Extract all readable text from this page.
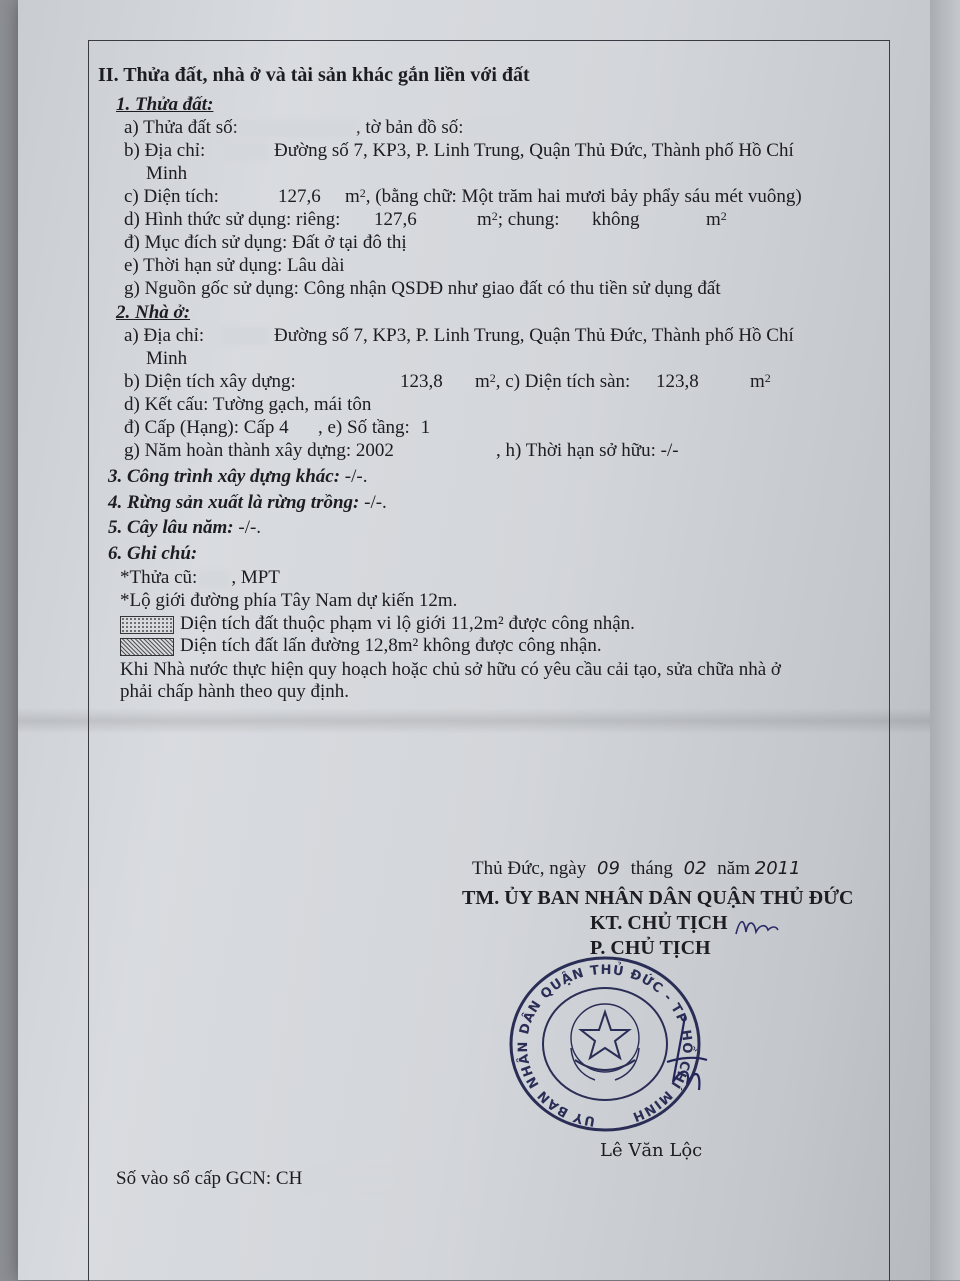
II. Thửa đất, nhà ở và tài sản khác gắn liền với đất
1. Thửa đất:
a) Thửa đất số:	, tờ bản đồ số:
b) Địa chỉ:	Đường số 7, KP3, P. Linh Trung, Quận Thủ Đức, Thành phố Hồ Chí
Minh
c) Diện tích:	127,6 $m^2$, (bằng chữ: Một trăm hai mươi bảy phẩy sáu mét vuông)
d) Hình thức sử dụng: riêng: 127,6	$m^2$; chung: không	$m^2$
đ) Mục đích sử dụng: Đất ở tại đô thị
e) Thời hạn sử dụng: Lâu dài
g) Nguồn gốc sử dụng: Công nhận QSDĐ như giao đất có thu tiền sử dụng đất
2. Nhà ở:
a) Địa chỉ:	Đường số 7, KP3, P. Linh Trung, Quận Thủ Đức, Thành phố Hồ Chí
Minh
b) Diện tích xây dựng:	123,8 $m^2$, c) Diện tích sàn: 123,8	$m^2$
d) Kết cấu: Tường gạch, mái tôn
đ) Cấp (Hạng): Cấp 4 , e) Số tầng: 1
g) Năm hoàn thành xây dựng: 2002	, h) Thời hạn sở hữu: -/-
3. Công trình xây dựng khác: -/-.
4. Rừng sản xuất là rừng trồng: -/-.
5. Cây lâu năm: -/-.
6. Ghi chú:
*Thửa cũ: , MPT
*Lộ giới đường phía Tây Nam dự kiến 12m.
Diện tích đất thuộc phạm vi lộ giới 11,2m² được công nhận.
Diện tích đất lấn đường 12,8m² không được công nhận.
Khi Nhà nước thực hiện quy hoạch hoặc chủ sở hữu có yêu cầu cải tạo, sửa chữa nhà ở
phải chấp hành theo quy định.
Thủ Đức, ngày 09 tháng 02 năm 2011
TM. ỦY BAN NHÂN DÂN QUẬN THỦ ĐỨC
KT. CHỦ TỊCH
P. CHỦ TỊCH
ỦY BAN NHÂN DÂN QUẬN THỦ ĐỨC - TP HỒ CHÍ MINH
Lê Văn Lộc
Số vào sổ cấp GCN: CH
